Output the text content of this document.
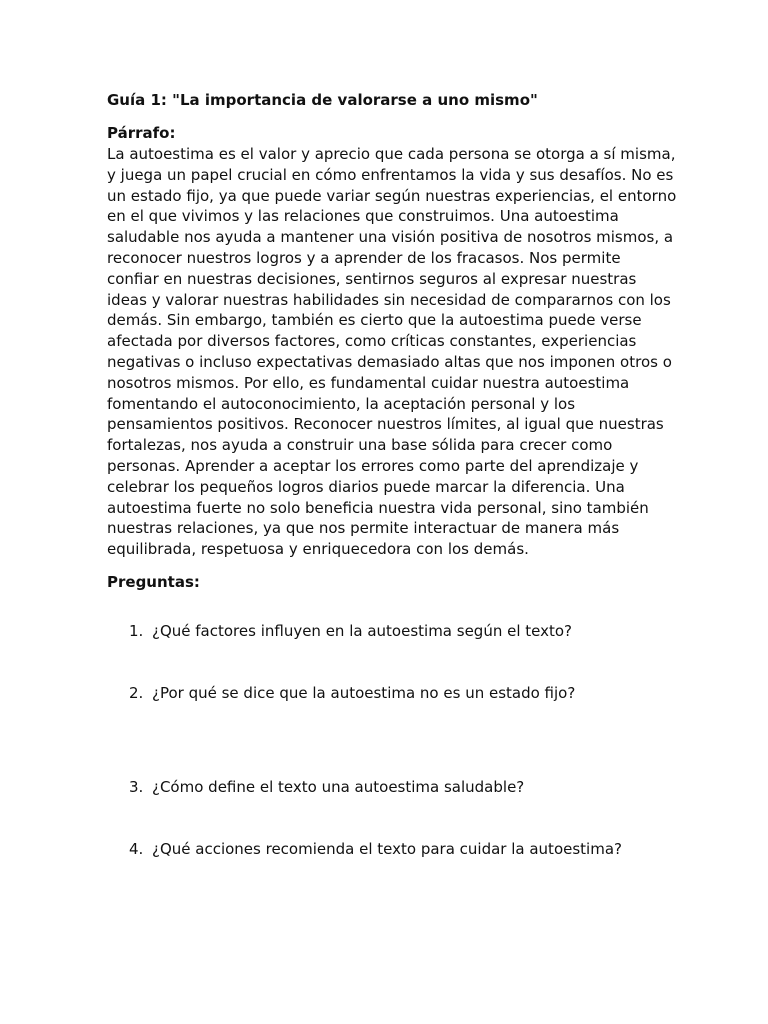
Guía 1: "La importancia de valorarse a uno mismo"

Párrafo:

La autoestima es el valor y aprecio que cada persona se otorga a sí misma, y juega un papel crucial en cómo enfrentamos la vida y sus desafíos. No es un estado fijo, ya que puede variar según nuestras experiencias, el entorno en el que vivimos y las relaciones que construimos. Una autoestima saludable nos ayuda a mantener una visión positiva de nosotros mismos, a reconocer nuestros logros y a aprender de los fracasos. Nos permite confiar en nuestras decisiones, sentirnos seguros al expresar nuestras ideas y valorar nuestras habilidades sin necesidad de compararnos con los demás. Sin embargo, también es cierto que la autoestima puede verse afectada por diversos factores, como críticas constantes, experiencias negativas o incluso expectativas demasiado altas que nos imponen otros o nosotros mismos. Por ello, es fundamental cuidar nuestra autoestima fomentando el autoconocimiento, la aceptación personal y los pensamientos positivos. Reconocer nuestros límites, al igual que nuestras fortalezas, nos ayuda a construir una base sólida para crecer como personas. Aprender a aceptar los errores como parte del aprendizaje y celebrar los pequeños logros diarios puede marcar la diferencia. Una autoestima fuerte no solo beneficia nuestra vida personal, sino también nuestras relaciones, ya que nos permite interactuar de manera más equilibrada, respetuosa y enriquecedora con los demás.

Preguntas:

1. ¿Qué factores influyen en la autoestima según el texto?
2. ¿Por qué se dice que la autoestima no es un estado fijo?
3. ¿Cómo define el texto una autoestima saludable?
4. ¿Qué acciones recomienda el texto para cuidar la autoestima?
